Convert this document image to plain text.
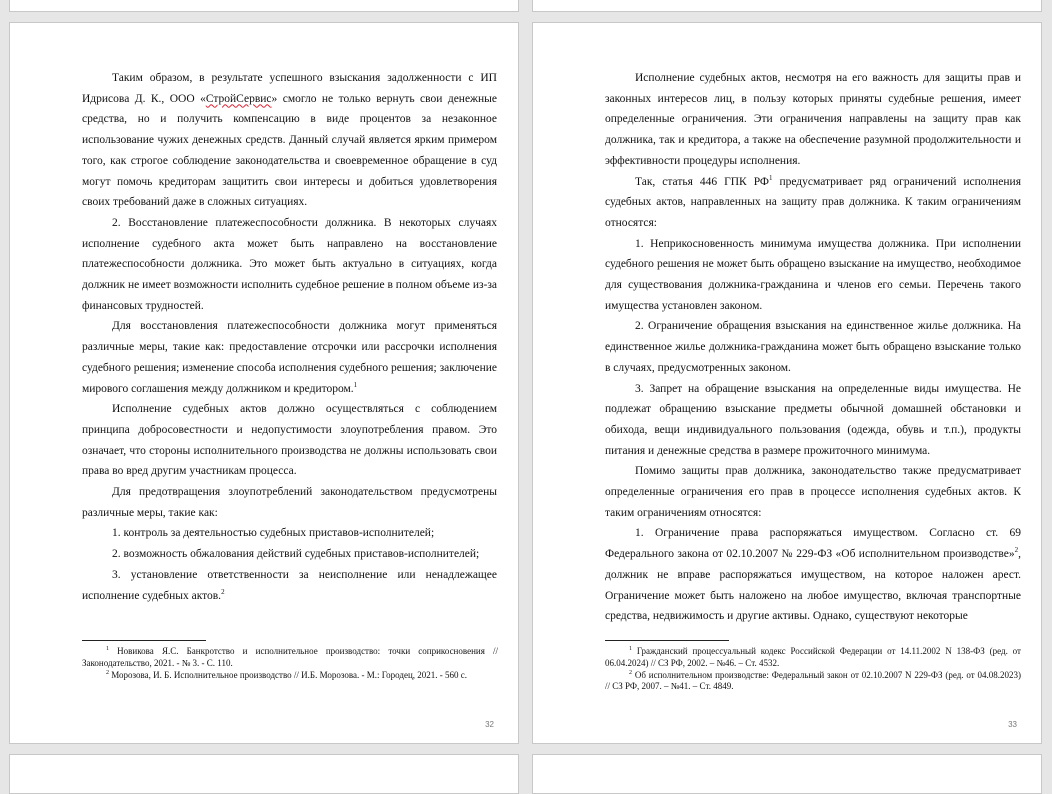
Таким образом, в результате успешного взыскания задолженности с ИП Идрисова Д. К., ООО «СтройСервис» смогло не только вернуть свои денежные средства, но и получить компенсацию в виде процентов за незаконное использование чужих денежных средств. Данный случай является ярким примером того, как строгое соблюдение законодательства и своевременное обращение в суд могут помочь кредиторам защитить свои интересы и добиться удовлетворения своих требований даже в сложных ситуациях.

2. Восстановление платежеспособности должника. В некоторых случаях исполнение судебного акта может быть направлено на восстановление платежеспособности должника. Это может быть актуально в ситуациях, когда должник не имеет возможности исполнить судебное решение в полном объеме из-за финансовых трудностей.

Для восстановления платежеспособности должника могут применяться различные меры, такие как: предоставление отсрочки или рассрочки исполнения судебного решения; изменение способа исполнения судебного решения; заключение мирового соглашения между должником и кредитором.$^1$

Исполнение судебных актов должно осуществляться с соблюдением принципа добросовестности и недопустимости злоупотребления правом. Это означает, что стороны исполнительного производства не должны использовать свои права во вред другим участникам процесса.

Для предотвращения злоупотреблений законодательством предусмотрены различные меры, такие как:

1. контроль за деятельностью судебных приставов-исполнителей;

2. возможность обжалования действий судебных приставов-исполнителей;

3. установление ответственности за неисполнение или ненадлежащее исполнение судебных актов.$^2$

$^1$ Новикова Я.С. Банкротство и исполнительное производство: точки соприкосновения // Законодательство, 2021. - № 3. - С. 110.

$^2$ Морозова, И. Б. Исполнительное производство // И.Б. Морозова. - М.: Городец, 2021. - 560 с.

32

Исполнение судебных актов, несмотря на его важность для защиты прав и законных интересов лиц, в пользу которых приняты судебные решения, имеет определенные ограничения. Эти ограничения направлены на защиту прав как должника, так и кредитора, а также на обеспечение разумной продолжительности и эффективности процедуры исполнения.

Так, статья 446 ГПК $РФ^1$ предусматривает ряд ограничений исполнения судебных актов, направленных на защиту прав должника. К таким ограничениям относятся:

1. Неприкосновенность минимума имущества должника. При исполнении судебного решения не может быть обращено взыскание на имущество, необходимое для существования должника-гражданина и членов его семьи. Перечень такого имущества установлен законом.

2. Ограничение обращения взыскания на единственное жилье должника. На единственное жилье должника-гражданина может быть обращено взыскание только в случаях, предусмотренных законом.

3. Запрет на обращение взыскания на определенные виды имущества. Не подлежат обращению взыскание предметы обычной домашней обстановки и обихода, вещи индивидуального пользования (одежда, обувь и т.п.), продукты питания и денежные средства в размере прожиточного минимума.

Помимо защиты прав должника, законодательство также предусматривает определенные ограничения его прав в процессе исполнения судебных актов. К таким ограничениям относятся:

1. Ограничение права распоряжаться имуществом. Согласно ст. 69 Федерального закона от 02.10.2007 № 229-ФЗ «Об исполнительном производстве»$^2$, должник не вправе распоряжаться имуществом, на которое наложен арест. Ограничение может быть наложено на любое имущество, включая транспортные средства, недвижимость и другие активы. Однако, существуют некоторые

$^1$ Гражданский процессуальный кодекс Российской Федерации от 14.11.2002 N 138-ФЗ (ред. от 06.04.2024) // СЗ РФ, 2002. – №46. – Ст. 4532.

$^2$ Об исполнительном производстве: Федеральный закон от 02.10.2007 N 229-ФЗ (ред. от 04.08.2023) // СЗ РФ, 2007. – №41. – Ст. 4849.

33
